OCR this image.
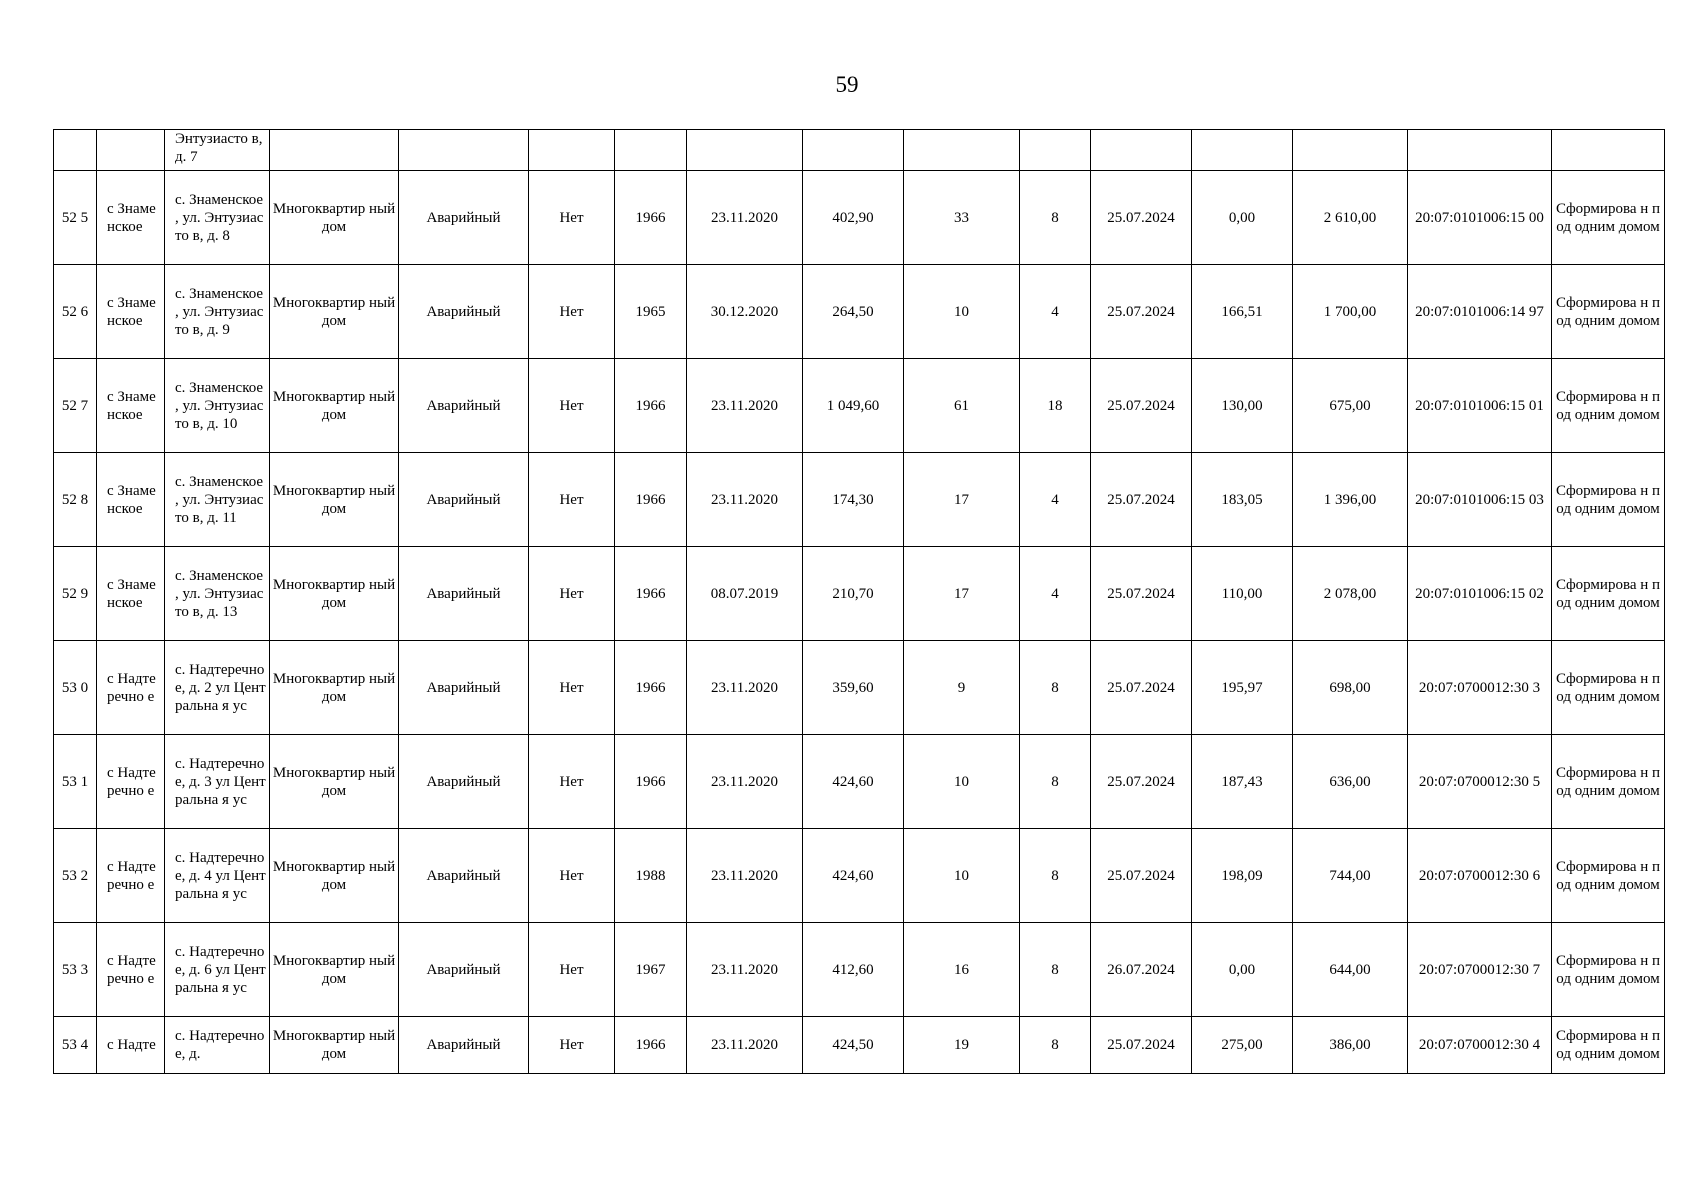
59
		Энтузиасто в, д. 7													
52 5	с Знаме нское	с. Знаменское , ул. Энтузиасто в, д. 8	Многоквартир ный дом	Аварийный	Нет	1966	23.11.2020	402,90	33	8	25.07.2024	0,00	2 610,00	20:07:0101006:15 00	Сформирова н под одним домом
52 6	с Знаме нское	с. Знаменское , ул. Энтузиасто в, д. 9	Многоквартир ный дом	Аварийный	Нет	1965	30.12.2020	264,50	10	4	25.07.2024	166,51	1 700,00	20:07:0101006:14 97	Сформирова н под одним домом
52 7	с Знаме нское	с. Знаменское , ул. Энтузиасто в, д. 10	Многоквартир ный дом	Аварийный	Нет	1966	23.11.2020	1 049,60	61	18	25.07.2024	130,00	675,00	20:07:0101006:15 01	Сформирова н под одним домом
52 8	с Знаме нское	с. Знаменское , ул. Энтузиасто в, д. 11	Многоквартир ный дом	Аварийный	Нет	1966	23.11.2020	174,30	17	4	25.07.2024	183,05	1 396,00	20:07:0101006:15 03	Сформирова н под одним домом
52 9	с Знаме нское	с. Знаменское , ул. Энтузиасто в, д. 13	Многоквартир ный дом	Аварийный	Нет	1966	08.07.2019	210,70	17	4	25.07.2024	110,00	2 078,00	20:07:0101006:15 02	Сформирова н под одним домом
53 0	с Надте речно е	с. Надтеречно е, д. 2 ул Центральна я ус	Многоквартир ный дом	Аварийный	Нет	1966	23.11.2020	359,60	9	8	25.07.2024	195,97	698,00	20:07:0700012:30 3	Сформирова н под одним домом
53 1	с Надте речно е	с. Надтеречно е, д. 3 ул Центральна я ус	Многоквартир ный дом	Аварийный	Нет	1966	23.11.2020	424,60	10	8	25.07.2024	187,43	636,00	20:07:0700012:30 5	Сформирова н под одним домом
53 2	с Надте речно е	с. Надтеречно е, д. 4 ул Центральна я ус	Многоквартир ный дом	Аварийный	Нет	1988	23.11.2020	424,60	10	8	25.07.2024	198,09	744,00	20:07:0700012:30 6	Сформирова н под одним домом
53 3	с Надте речно е	с. Надтеречно е, д. 6 ул Центральна я ус	Многоквартир ный дом	Аварийный	Нет	1967	23.11.2020	412,60	16	8	26.07.2024	0,00	644,00	20:07:0700012:30 7	Сформирова н под одним домом
53 4	с Надте	с. Надтеречно е, д.	Многоквартир ный дом	Аварийный	Нет	1966	23.11.2020	424,50	19	8	25.07.2024	275,00	386,00	20:07:0700012:30 4	Сформирова н под одним домом
